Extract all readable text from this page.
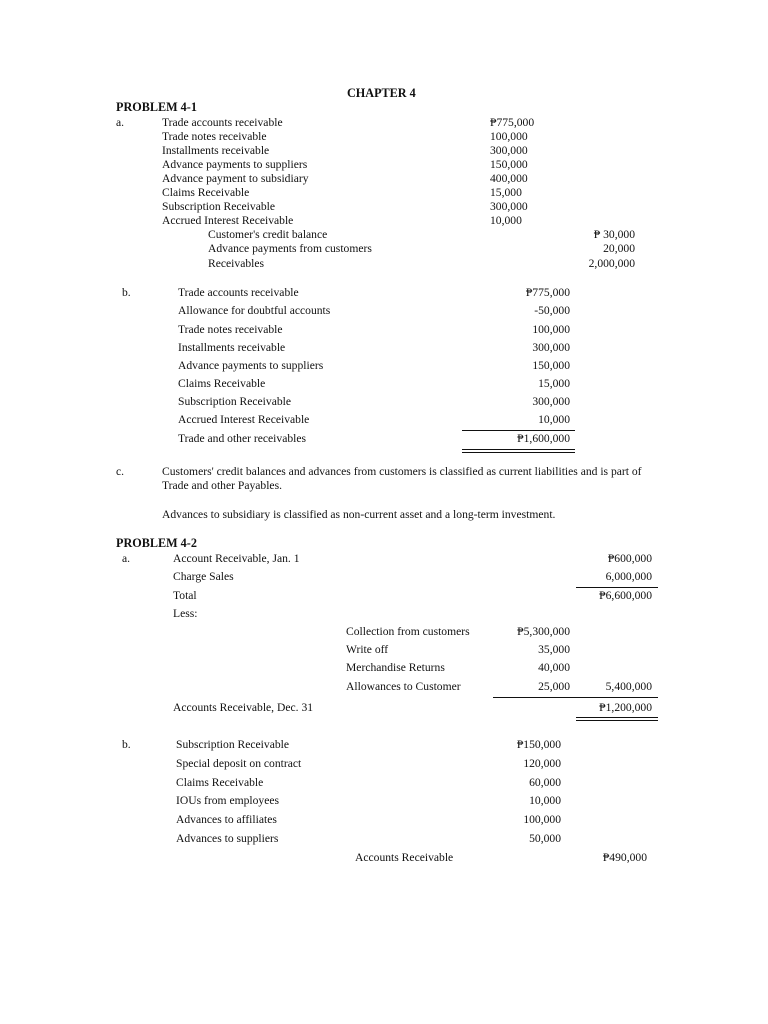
CHAPTER 4
PROBLEM 4-1
a.	Trade accounts receivable	₱775,000
Trade notes receivable	100,000
Installments receivable	300,000
Advance payments to suppliers	150,000
Advance payment to subsidiary	400,000
Claims Receivable	15,000
Subscription Receivable	300,000
Accrued Interest Receivable	10,000
Customer's credit balance	₱ 30,000
Advance payments from customers	20,000
Receivables	2,000,000
b.	Trade accounts receivable	₱775,000
Allowance for doubtful accounts	-50,000
Trade notes receivable	100,000
Installments receivable	300,000
Advance payments to suppliers	150,000
Claims Receivable	15,000
Subscription Receivable	300,000
Accrued Interest Receivable	10,000
Trade and other receivables	₱1,600,000
c.	Customers' credit balances and advances from customers is classified as current liabilities and is part of Trade and other Payables.
Advances to subsidiary is classified as non-current asset and a long-term investment.
PROBLEM 4-2
a.	Account Receivable, Jan. 1	₱600,000
Charge Sales	6,000,000
Total	₱6,600,000
Less:
Collection from customers	₱5,300,000
Write off	35,000
Merchandise Returns	40,000
Allowances to Customer	25,000	5,400,000
Accounts Receivable, Dec. 31	₱1,200,000
b.	Subscription Receivable	₱150,000
Special deposit on contract	120,000
Claims Receivable	60,000
IOUs from employees	10,000
Advances to affiliates	100,000
Advances to suppliers	50,000
Accounts Receivable	₱490,000
